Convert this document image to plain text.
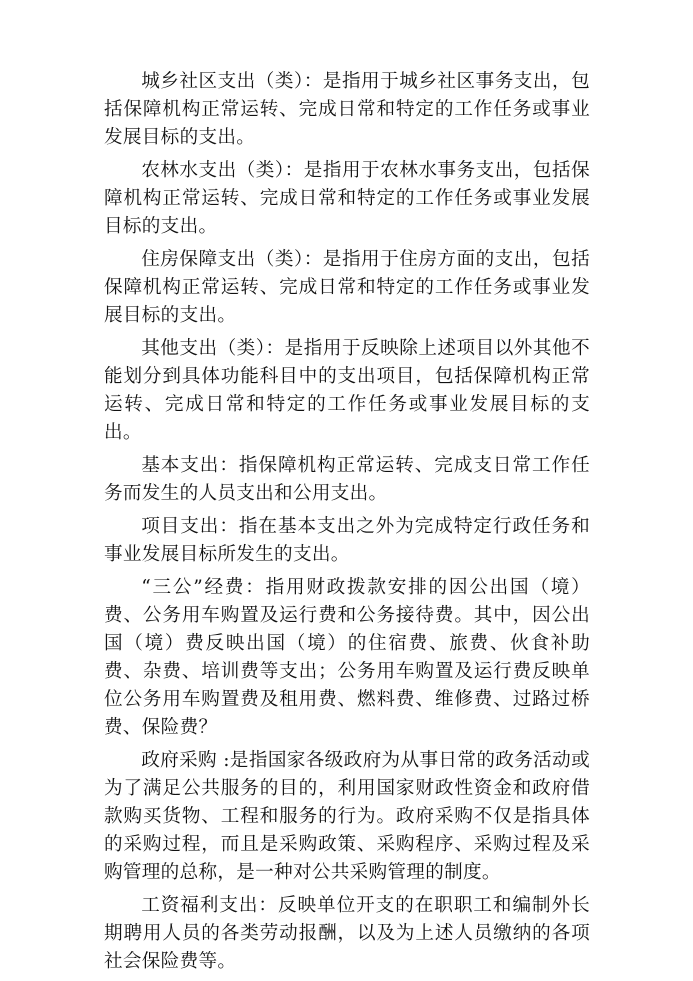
城乡社区支出（类）：是指用于城乡社区事务支出，包括保障机构正常运转、完成日常和特定的工作任务或事业发展目标的支出。

农林水支出（类）：是指用于农林水事务支出，包括保障机构正常运转、完成日常和特定的工作任务或事业发展目标的支出。

住房保障支出（类）：是指用于住房方面的支出，包括保障机构正常运转、完成日常和特定的工作任务或事业发展目标的支出。

其他支出（类）：是指用于反映除上述项目以外其他不能划分到具体功能科目中的支出项目，包括保障机构正常运转、完成日常和特定的工作任务或事业发展目标的支出。

基本支出：指保障机构正常运转、完成支日常工作任务而发生的人员支出和公用支出。

项目支出：指在基本支出之外为完成特定行政任务和事业发展目标所发生的支出。

“三公”经费：指用财政拨款安排的因公出国（境）费、公务用车购置及运行费和公务接待费。其中，因公出国（境）费反映出国（境）的住宿费、旅费、伙食补助费、杂费、培训费等支出；公务用车购置及运行费反映单位公务用车购置费及租用费、燃料费、维修费、过路过桥费、保险费？

政府采购 :是指国家各级政府为从事日常的政务活动或为了满足公共服务的目的，利用国家财政性资金和政府借款购买货物、工程和服务的行为。政府采购不仅是指具体的采购过程，而且是采购政策、采购程序、采购过程及采购管理的总称，是一种对公共采购管理的制度。

工资福利支出：反映单位开支的在职职工和编制外长期聘用人员的各类劳动报酬，以及为上述人员缴纳的各项社会保险费等。
